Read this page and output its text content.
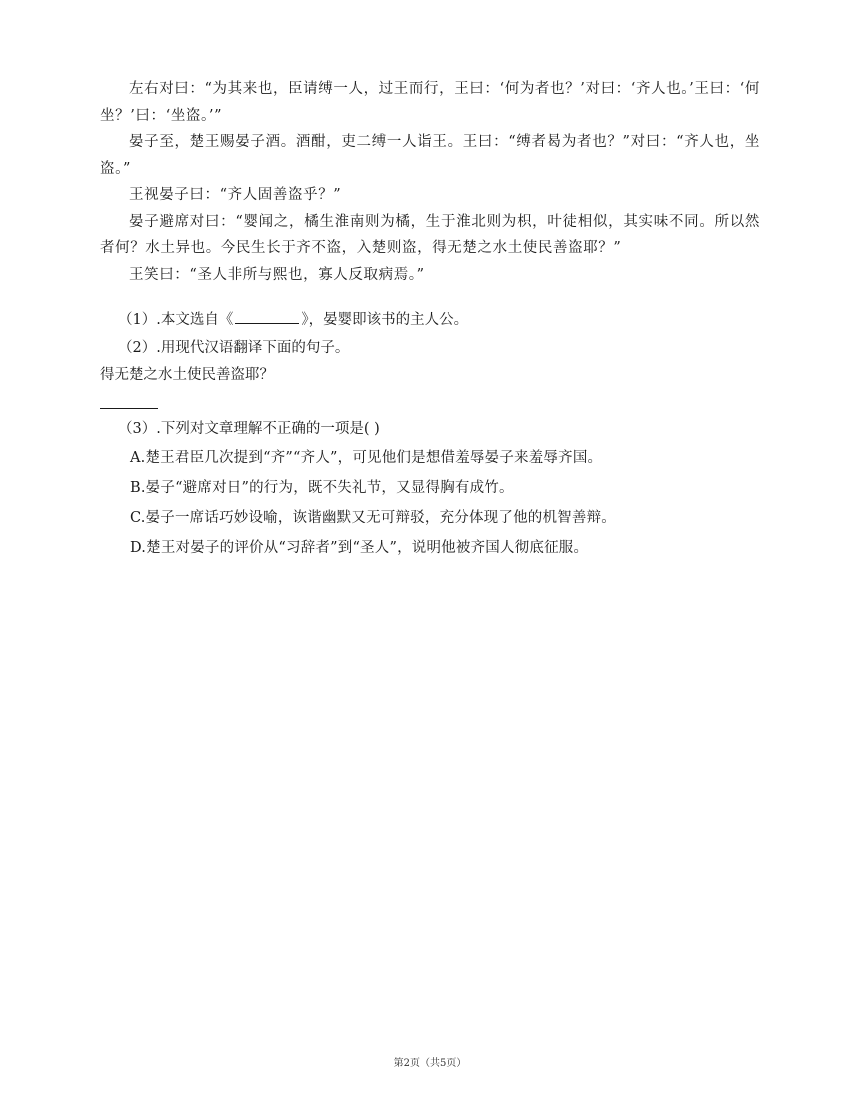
左右对曰：“为其来也，臣请缚一人，过王而行，王曰：‘何为者也？’对曰：‘齐人也。’王曰：‘何坐？’曰：‘坐盗。’”

晏子至，楚王赐晏子酒。酒酣，吏二缚一人诣王。王曰：“缚者曷为者也？”对曰：“齐人也，坐盗。”

王视晏子曰：“齐人固善盗乎？”

晏子避席对曰：“婴闻之，橘生淮南则为橘，生于淮北则为枳，叶徒相似，其实味不同。所以然者何？水土异也。今民生长于齐不盗，入楚则盗，得无楚之水土使民善盗耶？”

王笑曰：“圣人非所与熙也，寡人反取病焉。”

（1）.本文选自《	》，晏婴即该书的主人公。

（2）.用现代汉语翻译下面的句子。

得无楚之水土使民善盗耶？

（3）.下列对文章理解不正确的一项是( )

A.楚王君臣几次提到“齐”“齐人”，可见他们是想借羞辱晏子来羞辱齐国。

B.晏子“避席对日”的行为，既不失礼节，又显得胸有成竹。

C.晏子一席话巧妙设喻，诙谐幽默又无可辩驳，充分体现了他的机智善辩。

D.楚王对晏子的评价从“习辞者”到“圣人”，说明他被齐国人彻底征服。

第2页（共5页）
